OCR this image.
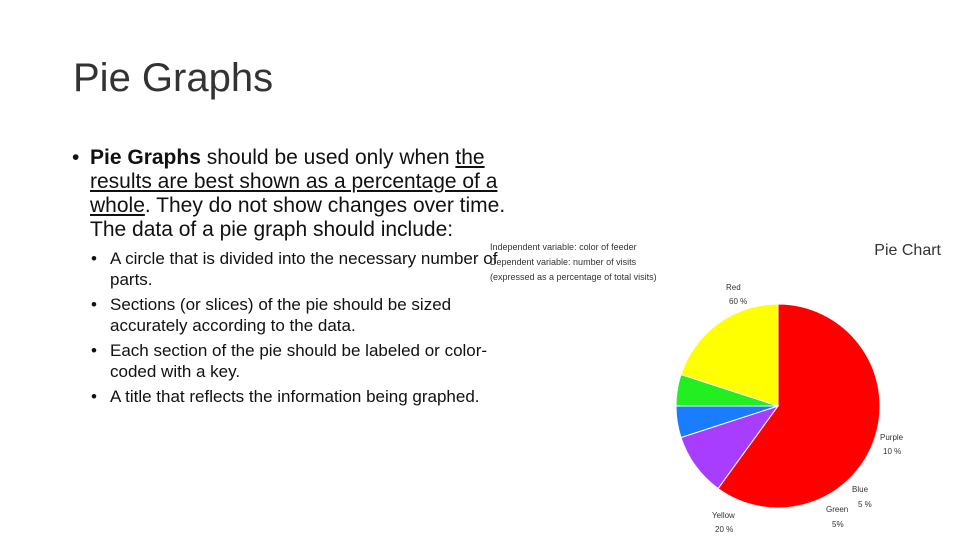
Pie Graphs
• Pie Graphs should be used only when the results are best shown as a percentage of a whole. They do not show changes over time. The data of a pie graph should include:
• A circle that is divided into the necessary number of parts.
• Sections (or slices) of the pie should be sized accurately according to the data.
• Each section of the pie should be labeled or color-coded with a key.
• A title that reflects the information being graphed.
Independent variable: color of feeder
Dependent variable: number of visits
(expressed as a percentage of total visits)
Pie Chart
Red
60 %
Purple
10 %
Blue
5 %
Green
5%
Yellow
20 %
